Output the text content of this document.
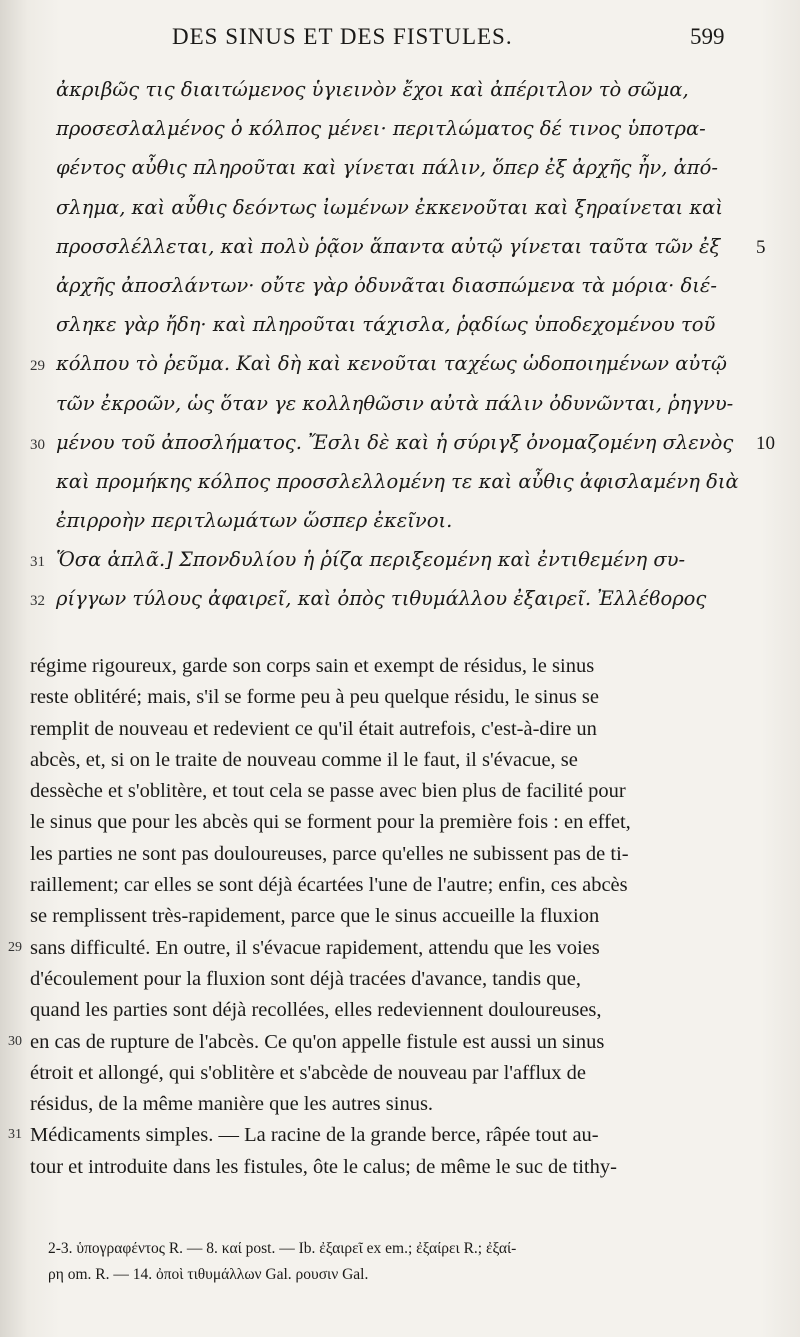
DES SINUS ET DES FISTULES.	599
ἀκριβῶς τις διαιτώμενος ὑγιεινὸν ἔχοι καὶ ἀπέριτλον τὸ σῶμα,
προσεσλαλμένος ὁ κόλπος μένει· περιτλώματος δέ τινος ὑποτρα-
φέντος αὖθις πληροῦται καὶ γίνεται πάλιν, ὅπερ ἐξ ἀρχῆς ἦν, ἀπό-
σλημα, καὶ αὖθις δεόντως ἰωμένων ἐκκενοῦται καὶ ξηραίνεται καὶ
προσσλέλλεται, καὶ πολὺ ῥᾷον ἅπαντα αὐτῷ γίνεται ταῦτα τῶν ἐξ 5
ἀρχῆς ἀποσλάντων· οὔτε γὰρ ὀδυνᾶται διασπώμενα τὰ μόρια· διέ-
σληκε γὰρ ἤδη· καὶ πληροῦται τάχισλα, ῥᾳδίως ὑποδεχομένου τοῦ
29 κόλπου τὸ ῥεῦμα. Καὶ δὴ καὶ κενοῦται ταχέως ὡδοποιημένων αὐτῷ
τῶν ἐκροῶν, ὡς ὅταν γε κολληθῶσιν αὐτὰ πάλιν ὀδυνῶνται, ῥηγνυ-
30 μένου τοῦ ἀποσλήματος. Ἔσλι δὲ καὶ ἡ σύριγξ ὀνομαζομένη σλενὸς 10
καὶ προμήκης κόλπος προσσλελλομένη τε καὶ αὖθις ἀφισλαμένη διὰ
ἐπιρροὴν περιτλωμάτων ὥσπερ ἐκεῖνοι.
31 Ὅσα ἁπλᾶ.] Σπονδυλίου ἡ ῥίζα περιξεομένη καὶ ἐντιθεμένη συ-
32 ρίγγων τύλους ἀφαιρεῖ, καὶ ὀπὸς τιθυμάλλου ἐξαιρεῖ. Ἐλλέϐορος
régime rigoureux, garde son corps sain et exempt de résidus, le sinus
reste oblitéré; mais, s'il se forme peu à peu quelque résidu, le sinus se
remplit de nouveau et redevient ce qu'il était autrefois, c'est-à-dire un
abcès, et, si on le traite de nouveau comme il le faut, il s'évacue, se
dessèche et s'oblitère, et tout cela se passe avec bien plus de facilité pour
le sinus que pour les abcès qui se forment pour la première fois : en effet,
les parties ne sont pas douloureuses, parce qu'elles ne subissent pas de ti-
raillement; car elles se sont déjà écartées l'une de l'autre; enfin, ces abcès
se remplissent très-rapidement, parce que le sinus accueille la fluxion
29 sans difficulté. En outre, il s'évacue rapidement, attendu que les voies
d'écoulement pour la fluxion sont déjà tracées d'avance, tandis que,
quand les parties sont déjà recollées, elles redeviennent douloureuses,
30 en cas de rupture de l'abcès. Ce qu'on appelle fistule est aussi un sinus
étroit et allongé, qui s'oblitère et s'abcède de nouveau par l'afflux de
résidus, de la même manière que les autres sinus.
31 Médicaments simples. — La racine de la grande berce, râpée tout au-
tour et introduite dans les fistules, ôte le calus; de même le suc de tithy-
2-3. ὑπογραφέντος R. — 8. καί post. — Ib. ἐξαιρεῖ ex em.; ἐξαίρει R.; ἐξαί-
ρη om. R. — 14. ὀποὶ τιθυμάλλων Gal. ρουσιν Gal.
